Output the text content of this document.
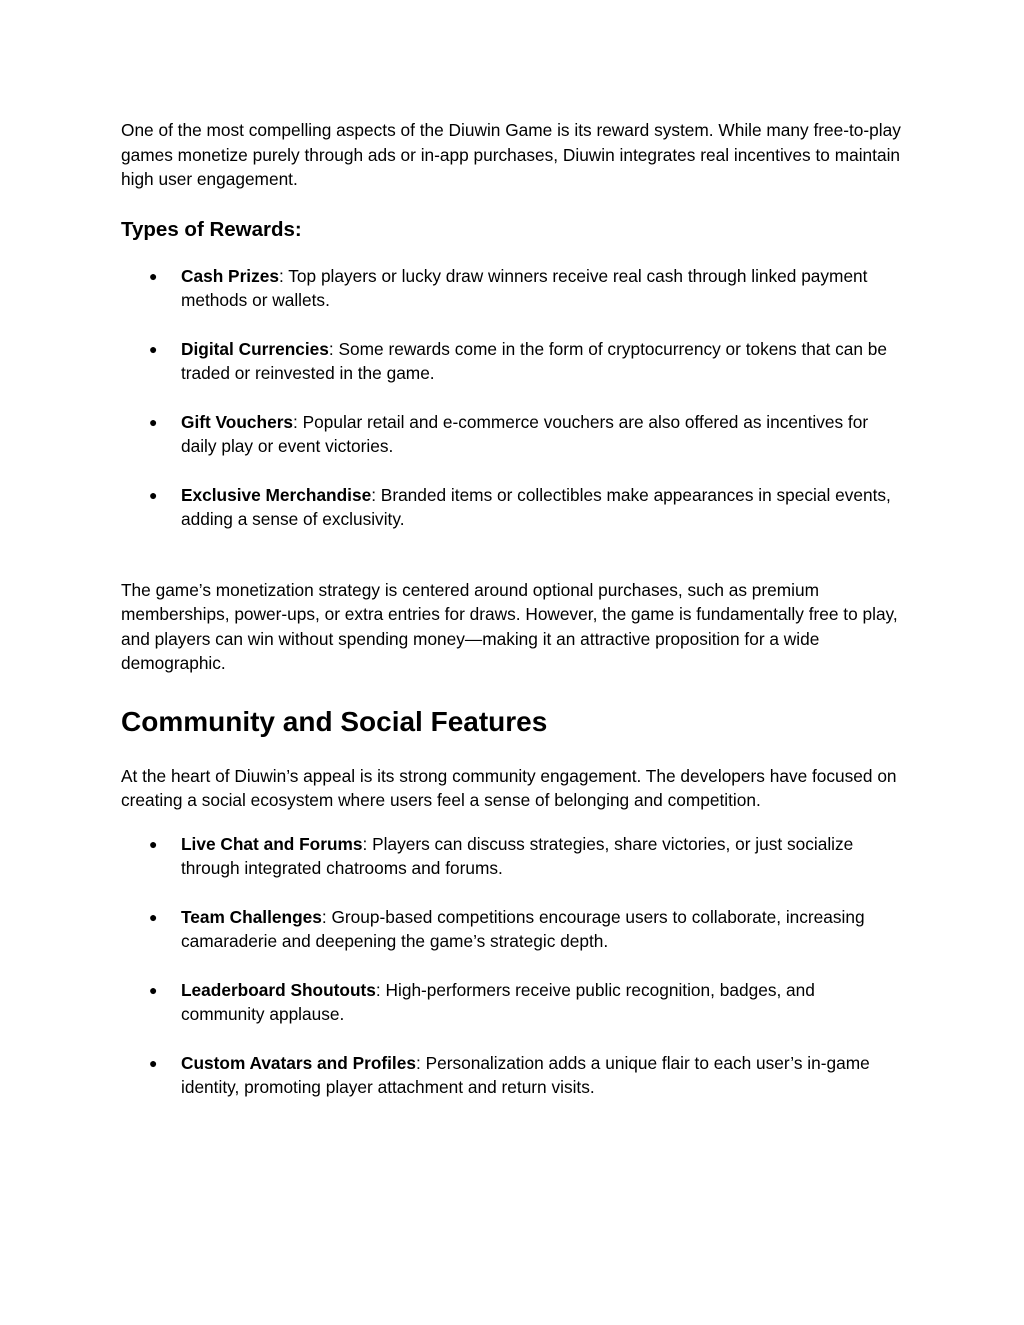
One of the most compelling aspects of the Diuwin Game is its reward system. While many free-to-play games monetize purely through ads or in-app purchases, Diuwin integrates real incentives to maintain high user engagement.

Types of Rewards:
● Cash Prizes: Top players or lucky draw winners receive real cash through linked payment methods or wallets.
● Digital Currencies: Some rewards come in the form of cryptocurrency or tokens that can be traded or reinvested in the game.
● Gift Vouchers: Popular retail and e-commerce vouchers are also offered as incentives for daily play or event victories.
● Exclusive Merchandise: Branded items or collectibles make appearances in special events, adding a sense of exclusivity.

The game’s monetization strategy is centered around optional purchases, such as premium memberships, power-ups, or extra entries for draws. However, the game is fundamentally free to play, and players can win without spending money—making it an attractive proposition for a wide demographic.

Community and Social Features

At the heart of Diuwin’s appeal is its strong community engagement. The developers have focused on creating a social ecosystem where users feel a sense of belonging and competition.

● Live Chat and Forums: Players can discuss strategies, share victories, or just socialize through integrated chatrooms and forums.
● Team Challenges: Group-based competitions encourage users to collaborate, increasing camaraderie and deepening the game’s strategic depth.
● Leaderboard Shoutouts: High-performers receive public recognition, badges, and community applause.
● Custom Avatars and Profiles: Personalization adds a unique flair to each user’s in-game identity, promoting player attachment and return visits.
